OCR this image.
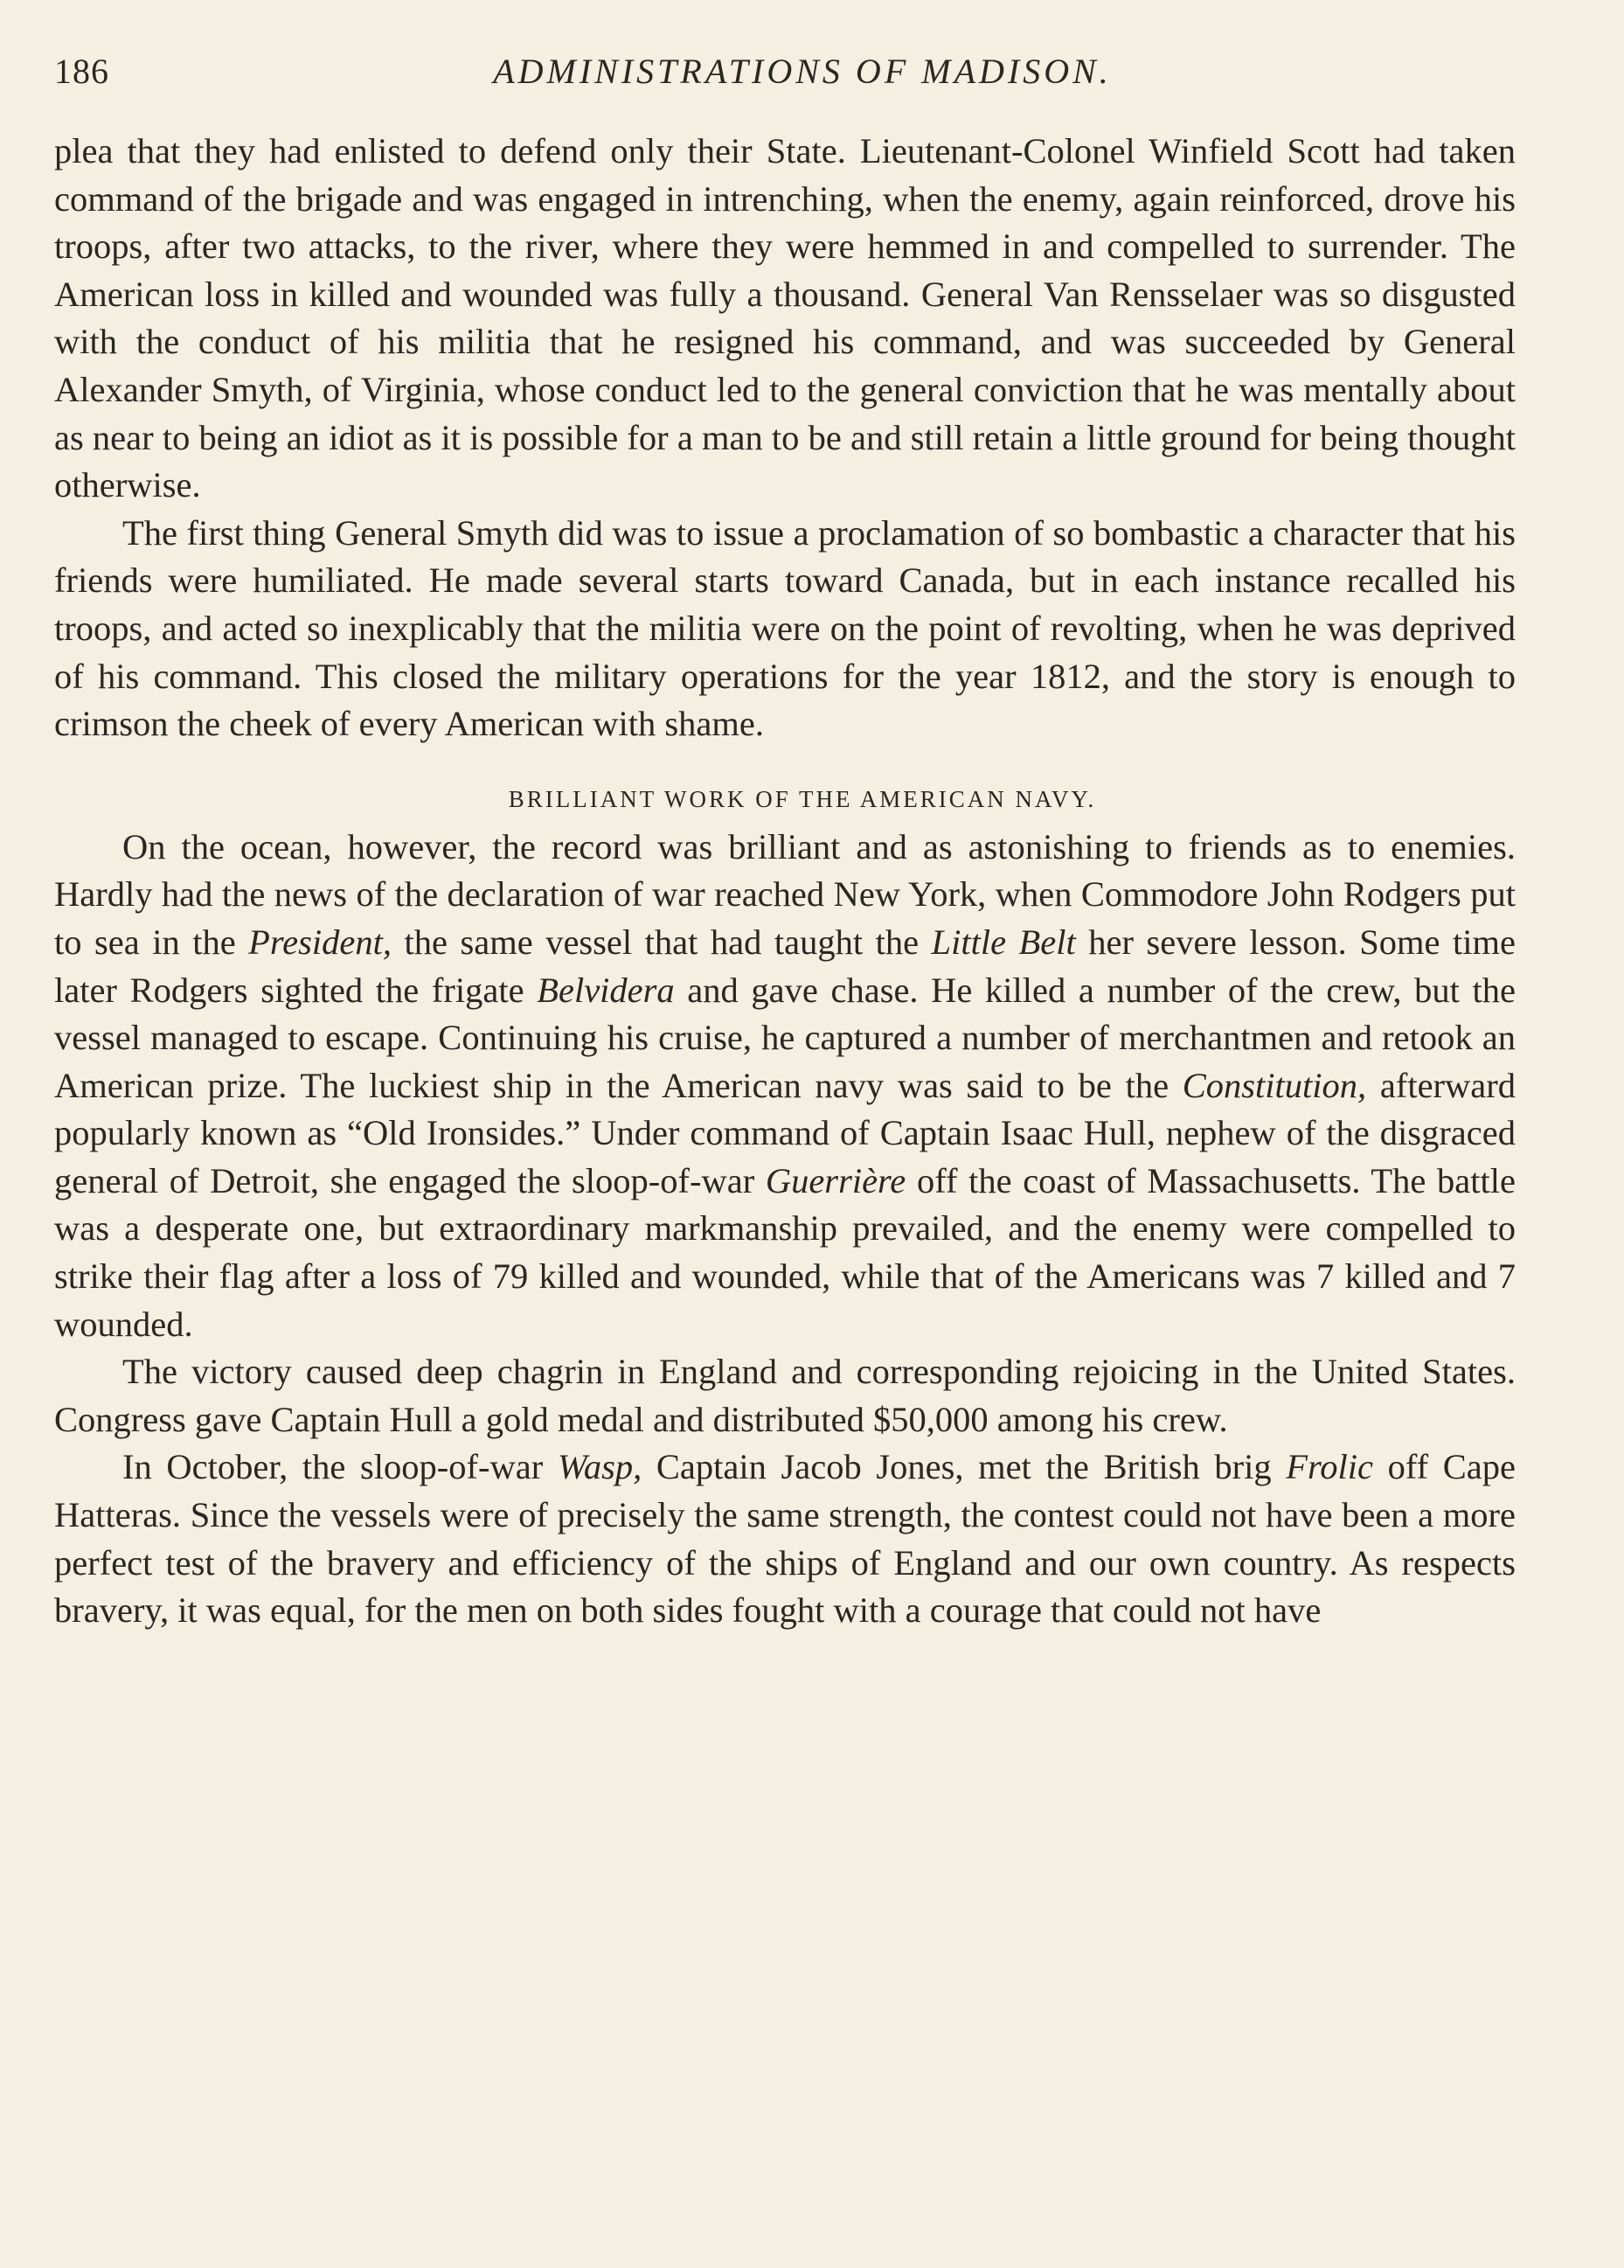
186	ADMINISTRATIONS OF MADISON.

plea that they had enlisted to defend only their State. Lieutenant-Colonel Winfield Scott had taken command of the brigade and was engaged in intrenching, when the enemy, again reinforced, drove his troops, after two attacks, to the river, where they were hemmed in and compelled to surrender. The American loss in killed and wounded was fully a thousand. General Van Rensselaer was so disgusted with the conduct of his militia that he resigned his command, and was succeeded by General Alexander Smyth, of Virginia, whose conduct led to the general conviction that he was mentally about as near to being an idiot as it is possible for a man to be and still retain a little ground for being thought otherwise.

The first thing General Smyth did was to issue a proclamation of so bombastic a character that his friends were humiliated. He made several starts toward Canada, but in each instance recalled his troops, and acted so inexplicably that the militia were on the point of revolting, when he was deprived of his command. This closed the military operations for the year 1812, and the story is enough to crimson the cheek of every American with shame.

BRILLIANT WORK OF THE AMERICAN NAVY.

On the ocean, however, the record was brilliant and as astonishing to friends as to enemies. Hardly had the news of the declaration of war reached New York, when Commodore John Rodgers put to sea in the President, the same vessel that had taught the Little Belt her severe lesson. Some time later Rodgers sighted the frigate Belvidera and gave chase. He killed a number of the crew, but the vessel managed to escape. Continuing his cruise, he captured a number of merchantmen and retook an American prize. The luckiest ship in the American navy was said to be the Constitution, afterward popularly known as “Old Ironsides.” Under command of Captain Isaac Hull, nephew of the disgraced general of Detroit, she engaged the sloop-of-war Guerrière off the coast of Massachusetts. The battle was a desperate one, but extraordinary markmanship prevailed, and the enemy were compelled to strike their flag after a loss of 79 killed and wounded, while that of the Americans was 7 killed and 7 wounded.

The victory caused deep chagrin in England and corresponding rejoicing in the United States. Congress gave Captain Hull a gold medal and distributed $50,000 among his crew.

In October, the sloop-of-war Wasp, Captain Jacob Jones, met the British brig Frolic off Cape Hatteras. Since the vessels were of precisely the same strength, the contest could not have been a more perfect test of the bravery and efficiency of the ships of England and our own country. As respects bravery, it was equal, for the men on both sides fought with a courage that could not have
